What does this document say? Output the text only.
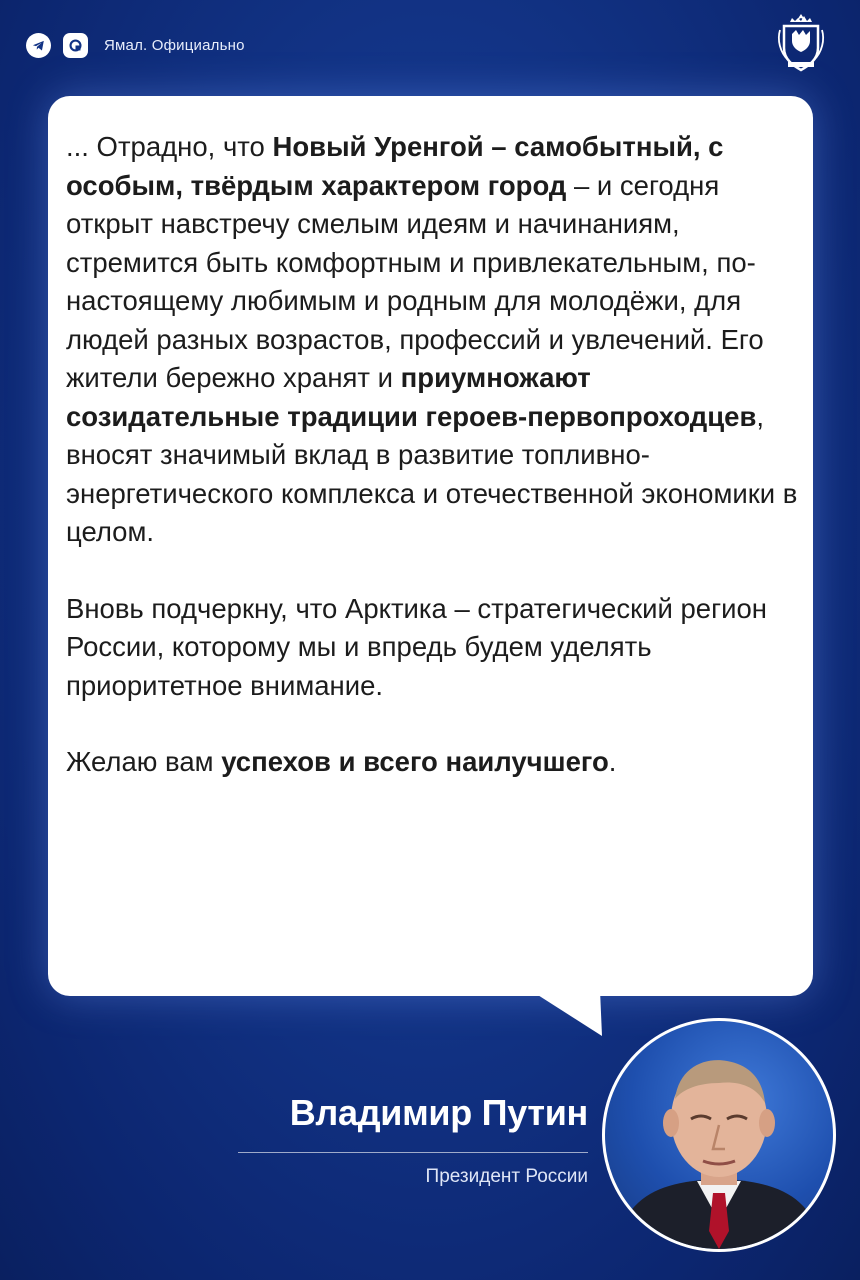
Ямал. Официально

... Отрадно, что Новый Уренгой – самобытный, с особым, твёрдым характером город – и сегодня открыт навстречу смелым идеям и начинаниям, стремится быть комфортным и привлекательным, по-настоящему любимым и родным для молодёжи, для людей разных возрастов, профессий и увлечений. Его жители бережно хранят и приумножают созидательные традиции героев-первопроходцев, вносят значимый вклад в развитие топливно-энергетического комплекса и отечественной экономики в целом.

Вновь подчеркну, что Арктика – стратегический регион России, которому мы и впредь будем уделять приоритетное внимание.

Желаю вам успехов и всего наилучшего.

Владимир Путин
Президент России
